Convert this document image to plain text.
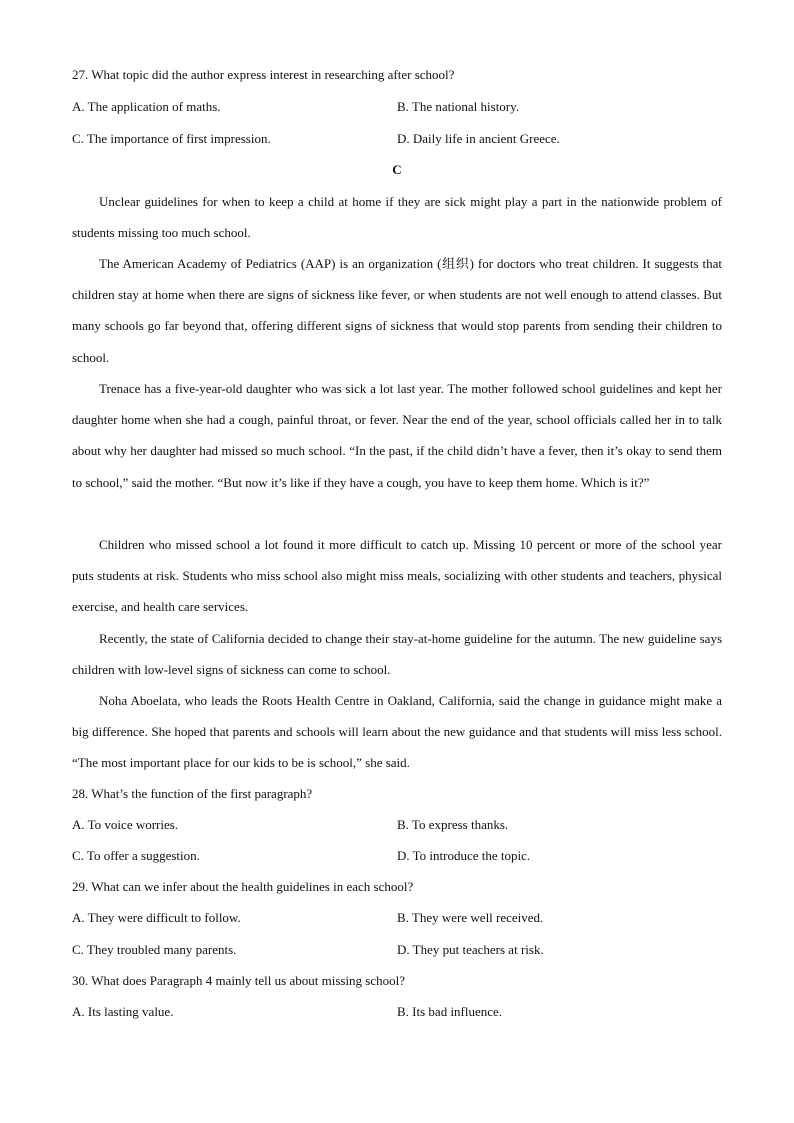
27. What topic did the author express interest in researching after school?
A. The application of maths.	B. The national history.
C. The importance of first impression.	D. Daily life in ancient Greece.
C
Unclear guidelines for when to keep a child at home if they are sick might play a part in the nationwide problem of students missing too much school.
The American Academy of Pediatrics (AAP) is an organization (组织) for doctors who treat children. It suggests that children stay at home when there are signs of sickness like fever, or when students are not well enough to attend classes. But many schools go far beyond that, offering different signs of sickness that would stop parents from sending their children to school.
Trenace has a five-year-old daughter who was sick a lot last year. The mother followed school guidelines and kept her daughter home when she had a cough, painful throat, or fever. Near the end of the year, school officials called her in to talk about why her daughter had missed so much school. “In the past, if the child didn’t have a fever, then it’s okay to send them to school,” said the mother. “But now it’s like if they have a cough, you have to keep them home. Which is it?”
Children who missed school a lot found it more difficult to catch up. Missing 10 percent or more of the school year puts students at risk. Students who miss school also might miss meals, socializing with other students and teachers, physical exercise, and health care services.
Recently, the state of California decided to change their stay-at-home guideline for the autumn. The new guideline says children with low-level signs of sickness can come to school.
Noha Aboelata, who leads the Roots Health Centre in Oakland, California, said the change in guidance might make a big difference. She hoped that parents and schools will learn about the new guidance and that students will miss less school. “The most important place for our kids to be is school,” she said.
28. What’s the function of the first paragraph?
A. To voice worries.	B. To express thanks.
C. To offer a suggestion.	D. To introduce the topic.
29. What can we infer about the health guidelines in each school?
A. They were difficult to follow.	B. They were well received.
C. They troubled many parents.	D. They put teachers at risk.
30. What does Paragraph 4 mainly tell us about missing school?
A. Its lasting value.	B. Its bad influence.
